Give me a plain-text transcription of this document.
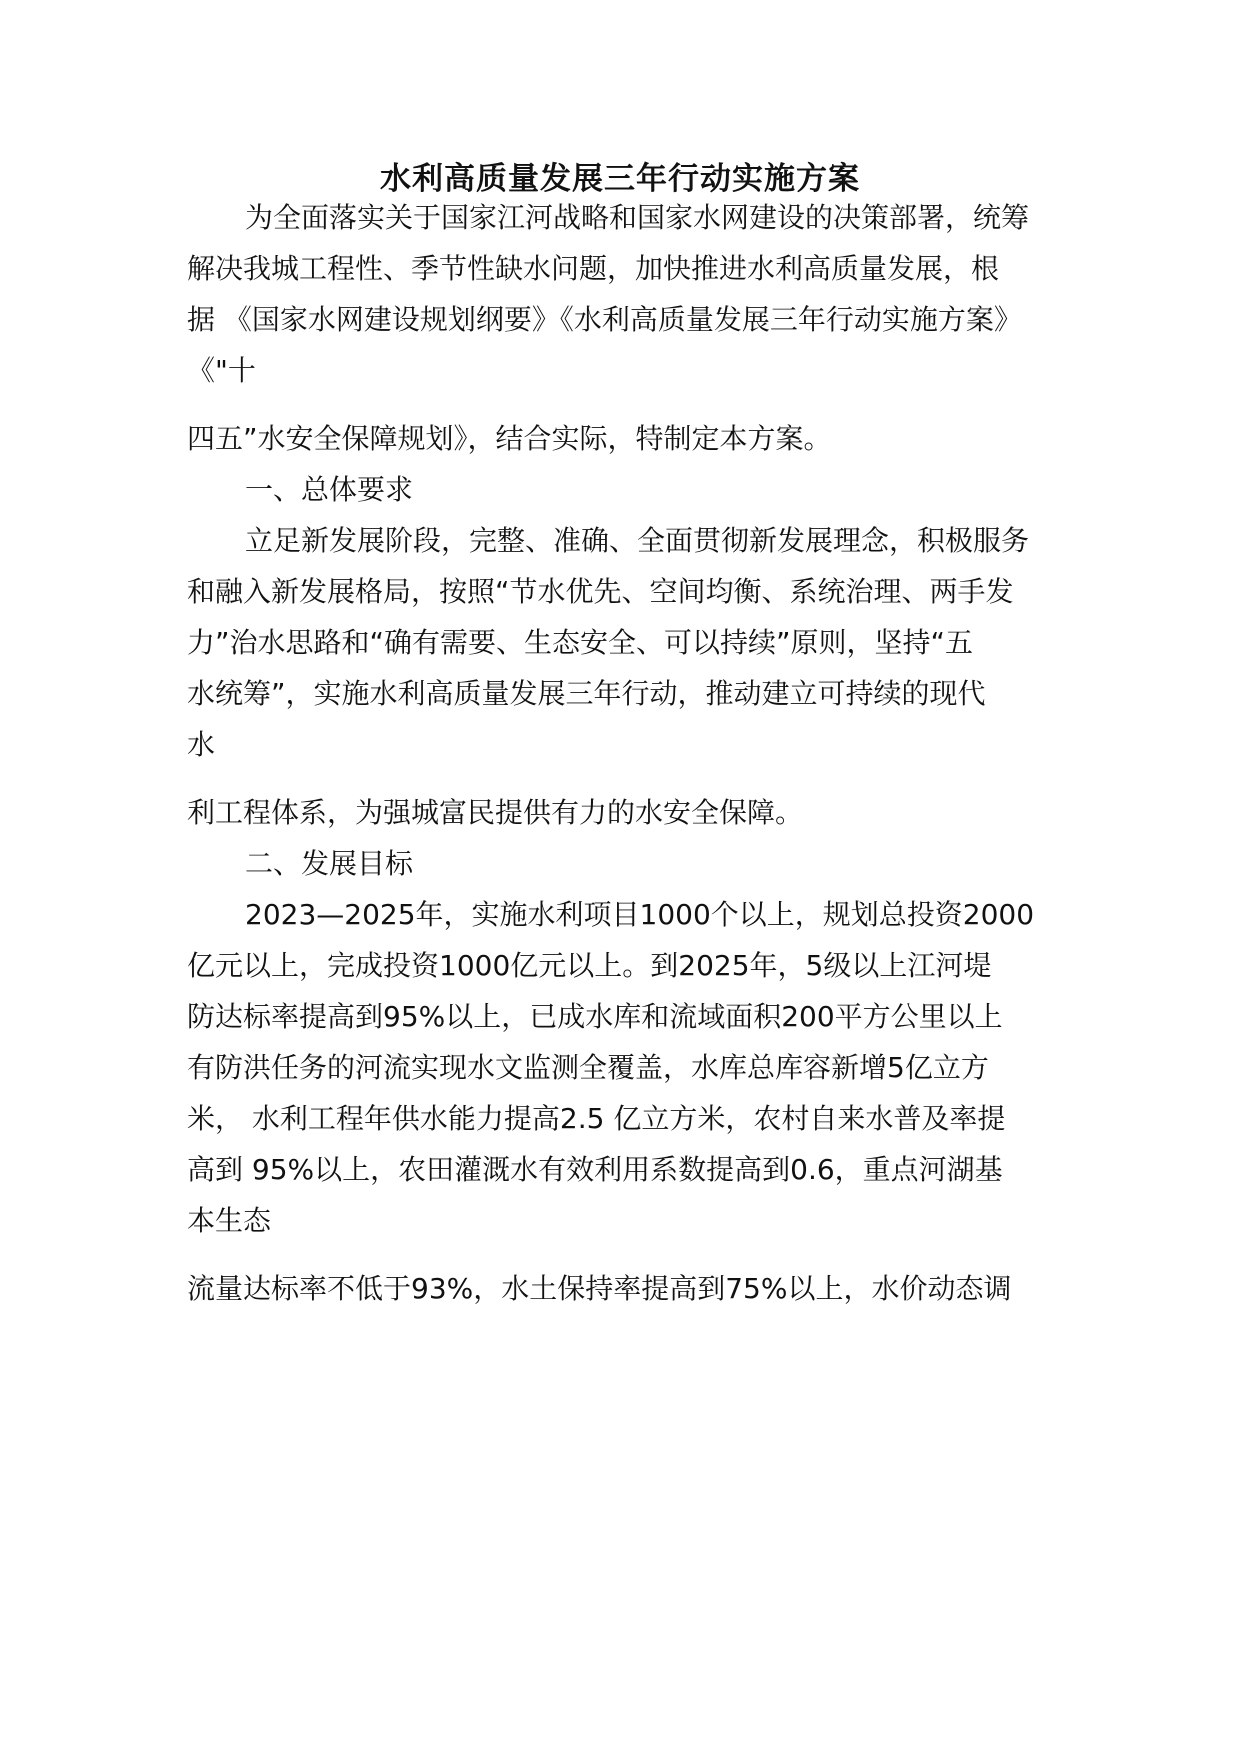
水利高质量发展三年行动实施方案

为全面落实关于国家江河战略和国家水网建设的决策部署，统筹

解决我城工程性、季节性缺水问题，加快推进水利高质量发展，根

据 《国家水网建设规划纲要》《水利高质量发展三年行动实施方案》

《"十

四五”水安全保障规划》，结合实际，特制定本方案。

一、总体要求

立足新发展阶段，完整、准确、全面贯彻新发展理念，积极服务

和融入新发展格局，按照“节水优先、空间均衡、系统治理、两手发

力”治水思路和“确有需要、生态安全、可以持续”原则，坚持“五

水统筹”，实施水利高质量发展三年行动，推动建立可持续的现代

水

利工程体系，为强城富民提供有力的水安全保障。

二、发展目标

2023—2025年，实施水利项目1000个以上，规划总投资2000

亿元以上，完成投资1000亿元以上。到2025年，5级以上江河堤

防达标率提高到95%以上，已成水库和流域面积200平方公里以上

有防洪任务的河流实现水文监测全覆盖，水库总库容新增5亿立方

米， 水利工程年供水能力提高2.5 亿立方米，农村自来水普及率提

高到 95%以上，农田灌溉水有效利用系数提高到0.6，重点河湖基

本生态

流量达标率不低于93%，水土保持率提高到75%以上，水价动态调
